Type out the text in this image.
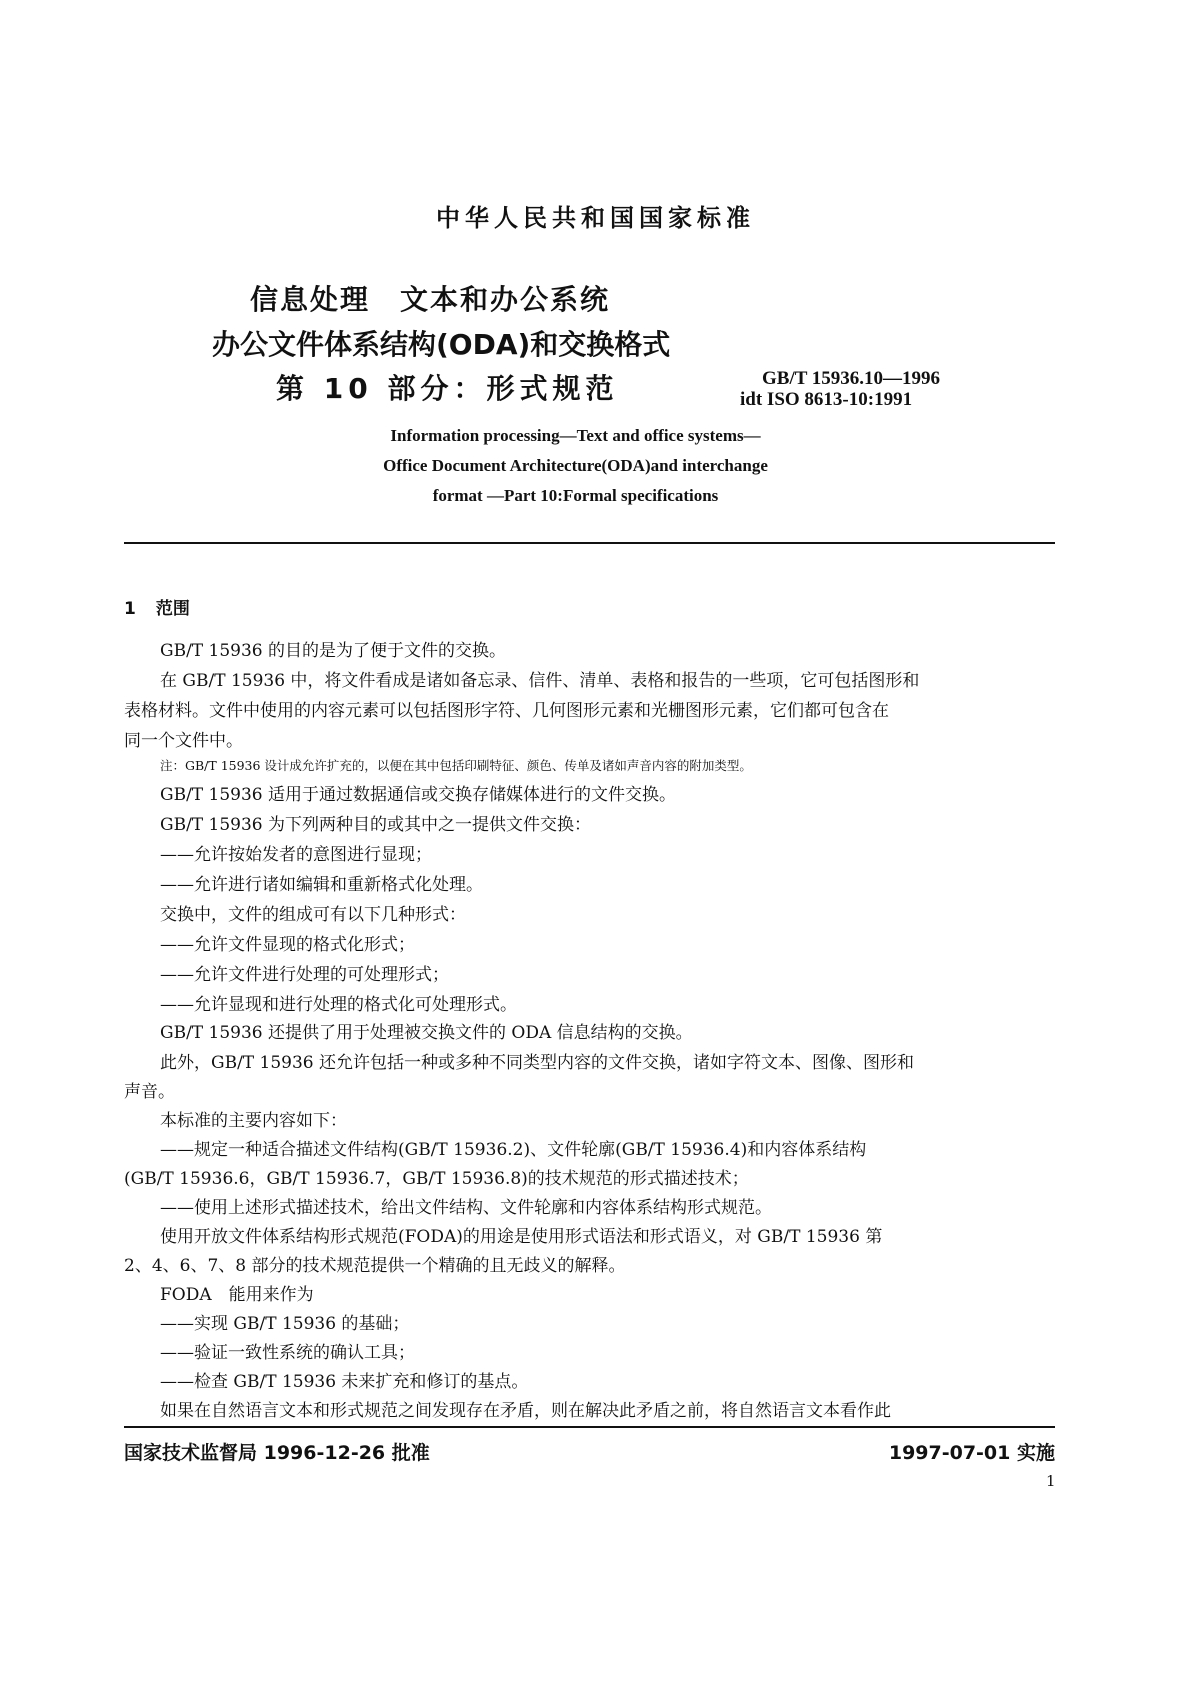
中华人民共和国国家标准
信息处理　文本和办公系统
办公文件体系结构(ODA)和交换格式
第 10 部分：形式规范	GB/T 15936.10—1996
idt ISO 8613-10:1991
Information processing—Text and office systems—
Office Document Architecture(ODA)and interchange
format —Part 10:Formal specifications
1 范围
GB/T 15936 的目的是为了便于文件的交换。
在 GB/T 15936 中，将文件看成是诸如备忘录、信件、清单、表格和报告的一些项，它可包括图形和
表格材料。文件中使用的内容元素可以包括图形字符、几何图形元素和光栅图形元素，它们都可包含在
同一个文件中。
注：GB/T 15936 设计成允许扩充的，以便在其中包括印刷特征、颜色、传单及诸如声音内容的附加类型。
GB/T 15936 适用于通过数据通信或交换存储媒体进行的文件交换。
GB/T 15936 为下列两种目的或其中之一提供文件交换：
——允许按始发者的意图进行显现；
——允许进行诸如编辑和重新格式化处理。
交换中，文件的组成可有以下几种形式：
——允许文件显现的格式化形式；
——允许文件进行处理的可处理形式；
——允许显现和进行处理的格式化可处理形式。
GB/T 15936 还提供了用于处理被交换文件的 ODA 信息结构的交换。
此外，GB/T 15936 还允许包括一种或多种不同类型内容的文件交换，诸如字符文本、图像、图形和
声音。
本标准的主要内容如下：
——规定一种适合描述文件结构(GB/T 15936.2)、文件轮廓(GB/T 15936.4)和内容体系结构
(GB/T 15936.6，GB/T 15936.7，GB/T 15936.8)的技术规范的形式描述技术；
——使用上述形式描述技术，给出文件结构、文件轮廓和内容体系结构形式规范。
使用开放文件体系结构形式规范(FODA)的用途是使用形式语法和形式语义，对 GB/T 15936 第
2、4、6、7、8 部分的技术规范提供一个精确的且无歧义的解释。
FODA　能用来作为
——实现 GB/T 15936 的基础；
——验证一致性系统的确认工具；
——检查 GB/T 15936 未来扩充和修订的基点。
如果在自然语言文本和形式规范之间发现存在矛盾，则在解决此矛盾之前，将自然语言文本看作此
国家技术监督局 1996-12-26 批准	1997-07-01 实施
1
